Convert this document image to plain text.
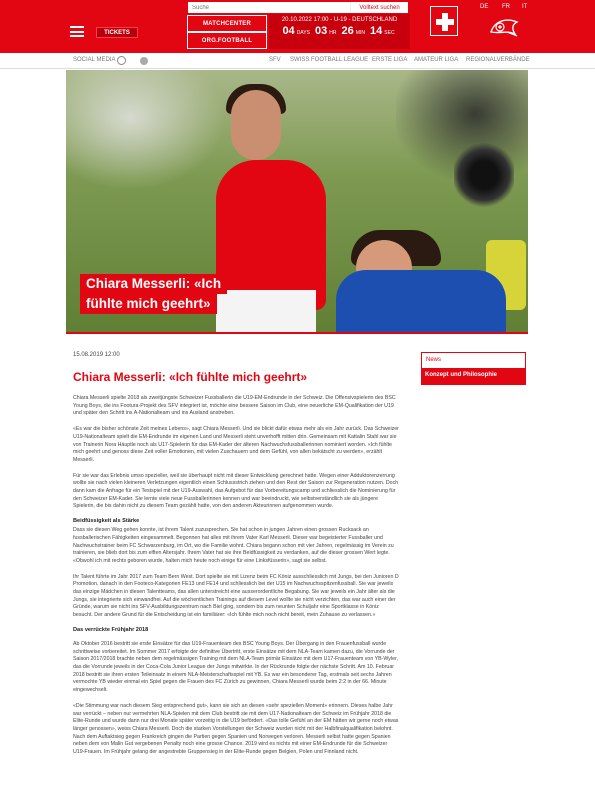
Suche
Volltext suchen	DE FR IT
TICKETS
MATCHCENTER
ORG.FOOTBALL
20.10.2022 17:00 - U-19 - DEUTSCHLAND
04 DAYS 03 HR 26 MIN 14 SEC
SOCIAL MEDIA	SFV SWISS FOOTBALL LEAGUE ERSTE LIGA AMATEUR LIGA REGIONALVERBÄNDE
Chiara Messerli: «Ich
fühlte mich geehrt»
15.08.2019 12:00
Chiara Messerli: «Ich fühlte mich geehrt»

Chiara Messerli spielte 2018 als zweitjüngste Schweizer Fussballerin die U19-EM-Endrunde in der Schweiz. Die Offensivspielerin des BSC Young Boys, die ins Footura-Projekt des SFV integriert ist, möchte eine bessere Saison im Club, eine neuerliche EM-Qualifikation der U19 und später den Schritt ins A-Nationalteam und ins Ausland anstreben.

«Es war die bisher schönste Zeit meines Lebens», sagt Chiara Messerli. Und sie blickt dafür etwas mehr als ein Jahr zurück. Das Schweizer U19-Nationalteam spielt die EM-Endrunde im eigenen Land und Messerli steht unverhofft mitten drin. Gemeinsam mit Kattalin Stahl war sie von Trainerin Nora Häuptle noch als U17-Spielerin für das EM-Kader der älteren Nachwuchsfussballerinnen nominiert worden. «Ich fühlte mich geehrt und genoss diese Zeit voller Emotionen, mit vielen Zuschauern und dem Gefühl, von allen bekätscht zu werden», erzählt Messerli.

Für sie war das Erlebnis umso spezieller, weil sie überhaupt nicht mit dieser Entwicklung gerechnet hatte. Wegen einer Adduktorenzerrung wollte sie nach vielen kleineren Verletzungen eigentlich einen Schlussstrich ziehen und den Rest der Saison zur Regeneration nutzen. Doch dann kam die Anfrage für ein Testspiel mit der U19-Auswahl, das Aufgebot für das Vorbereitungscamp und schliesslich die Nominierung für den Schweizer EM-Kader. Sie lernte viele neue Fussballerinnen kennen und war beeindruckt, wie selbstverständlich sie als jüngere Spielerin, die bis dahin nicht zu diesem Team gezählt hatte, von den anderen Akteurinnen aufgenommen wurde.

Beidfüssigkeit als Stärke

Dass sie diesen Weg gehen konnte, ist ihrem Talent zuzusprechen. Sie hat schon in jungen Jahren einen grossen Rucksack an fussballerischen Fähigkeiten eingesammelt. Begonnen hat alles mit ihrem Vater Karl Messerli. Dieser war begeisterter Fussballer und Nachwuchstrainer beim FC Schwarzenburg, im Ort, wo die Familie wohnt. Chiara begann schon mit vier Jahren, regelmässig im Verein zu trainieren, sie blieb dort bis zum elften Altersjahr. Ihrem Vater hat sie ihre Beidfüssigkeit zu verdanken, auf die dieser grossen Wert legte. «Obwohl ich mit rechts geboren wurde, halten mich heute noch einige für eine Linksfüsserin», sagt sie selbst.

Ihr Talent führte im Jahr 2017 zum Team Bern West. Dort spielte sie mit Lizenz beim FC Köniz ausschliesslich mit Jungs, bei den Junioren D Promotion, danach in den Footeco-Kategorien FE13 und FE14 und schliesslich bei der U15 im Nachwuchsspitzenfussball. Sie war jeweils das einzige Mädchen in diesen Talentteams, das allen unterstreicht eine ausserordentliche Begabung. Sie war jeweils ein Jahr älter als die Jungs, sie integrierte sich einwandfrei. Auf die wöchentlichen Trainings auf diesem Level wollte sie nicht verzichten, das war auch einer der Gründe, warum sie nicht ins SFV-Ausbildungszentrum nach Biel ging, sondern bis zum neunten Schuljahr eine Sportklasse in Köniz besucht. Der andere Grund für die Entscheidung ist ein familiärer: «Ich fühlte mich noch nicht bereit, mein Zuhause zu verlassen.»

Das verrückte Frühjahr 2018

Ab Oktober 2016 bestritt sie erste Einsätze für das U19-Frauenteam des BSC Young Boys. Der Übergang in den Frauenfussball wurde schrittweise vorbereitet. Im Sommer 2017 erfolgte der definitive Übertritt, erste Einsätze mit dem NLA-Team kamen dazu, die Vorrunde der Saison 2017/2018 brachte neben dem regelmässigen Training mit dem NLA-Team primär Einsätze mit dem U17-Frauenteam von YB-Wyler, das die Vorrunde jeweils in der Coca-Cola Junior League der Jungs mitwirkte. In der Rückrunde folgte der nächste Schritt. Am 10. Februar 2018 bestritt sie ihren ersten Teileinsatz in einem NLA-Meisterschaftsspiel mit YB. Es war ein besonderer Tag, erstmals seit sechs Jahren vermochte YB wieder einmal ein Spiel gegen die Frauen des FC Zürich zu gewinnen, Chiara Messerli wurde beim 2:2 in der 66. Minute eingewechselt.

«Die Stimmung war nach diesem Sieg entsprechend gut», kann sie sich an diesen «sehr speziellen Moment» erinnern. Dieses halbe Jahr war verrückt – neben nur vermehrten NLA-Spielen mit dem Club bestritt sie mit dem U17-Nationalteam der Schweiz im Frühjahr 2018 die Elite-Runde und wurde dann nur drei Monate später vorzeitig in die U19 befördert. «Das tolle Gefühl an der EM hätten wir gerne noch etwas länger genossen», weiss Chiara Messerli. Doch die starken Vorstellungen der Schweiz wurden nicht mit der Halbfinalqualifikation belohnt. Nach dem Auftaktsieg gegen Frankreich gingen die Partien gegen Spanien und Norwegen verloren. Messerli selbst hatte gegen Spanien neben dem von Malin Gut vergebenen Penalty noch eine grosse Chance. 2019 wird es nichts mit einer EM-Endrunde für die Schweizer U19-Frauen. Im Frühjahr gelang der angestrebte Gruppensieg in der Elite-Runde gegen Belgien, Polen und Finnland nicht.

News
Konzept und Philosophie
